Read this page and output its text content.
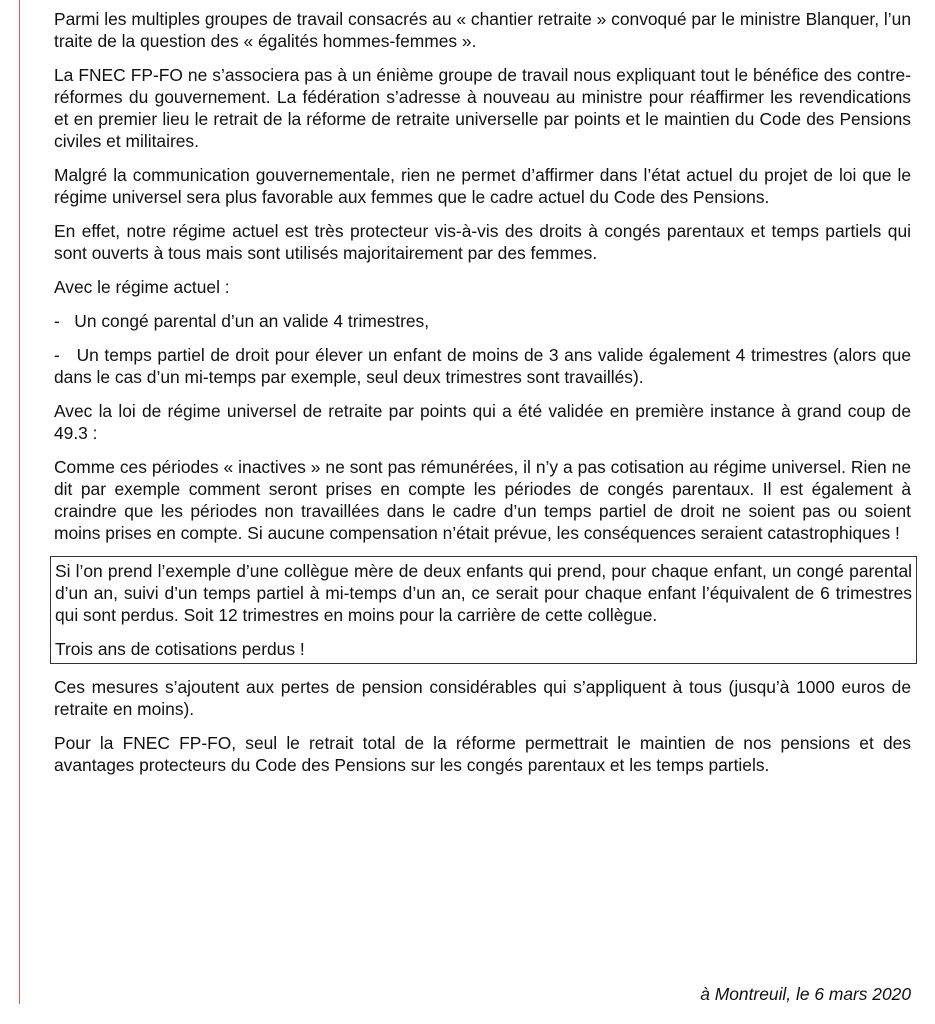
Parmi les multiples groupes de travail consacrés au « chantier retraite » convoqué par le ministre Blanquer, l’un traite de la question des « égalités hommes-femmes ».

La FNEC FP-FO ne s’associera pas à un énième groupe de travail nous expliquant tout le bénéfice des contre-réformes du gouvernement. La fédération s’adresse à nouveau au ministre pour réaffirmer les revendications et en premier lieu le retrait de la réforme de retraite universelle par points et le maintien du Code des Pensions civiles et militaires.

Malgré la communication gouvernementale, rien ne permet d’affirmer dans l’état actuel du projet de loi que le régime universel sera plus favorable aux femmes que le cadre actuel du Code des Pensions.

En effet, notre régime actuel est très protecteur vis-à-vis des droits à congés parentaux et temps partiels qui sont ouverts à tous mais sont utilisés majoritairement par des femmes.

Avec le régime actuel :

-   Un congé parental d’un an valide 4 trimestres,

-   Un temps partiel de droit pour élever un enfant de moins de 3 ans valide également 4 trimestres (alors que dans le cas d’un mi-temps par exemple, seul deux trimestres sont travaillés).

Avec la loi de régime universel de retraite par points qui a été validée en première instance à grand coup de 49.3 :

Comme ces périodes « inactives » ne sont pas rémunérées, il n’y a pas cotisation au régime universel. Rien ne dit par exemple comment seront prises en compte les périodes de congés parentaux. Il est également à craindre que les périodes non travaillées dans le cadre d’un temps partiel de droit ne soient pas ou soient moins prises en compte. Si aucune compensation n’était prévue, les conséquences seraient catastrophiques !

Si l’on prend l’exemple d’une collègue mère de deux enfants qui prend, pour chaque enfant, un congé parental d’un an, suivi d’un temps partiel à mi-temps d’un an, ce serait pour chaque enfant l’équivalent de 6 trimestres qui sont perdus. Soit 12 trimestres en moins pour la carrière de cette collègue.

Trois ans de cotisations perdus !

Ces mesures s’ajoutent aux pertes de pension considérables qui s’appliquent à tous (jusqu’à 1000 euros de retraite en moins).

Pour la FNEC FP-FO, seul le retrait total de la réforme permettrait le maintien de nos pensions et des avantages protecteurs du Code des Pensions sur les congés parentaux et les temps partiels.

à Montreuil, le 6 mars 2020
